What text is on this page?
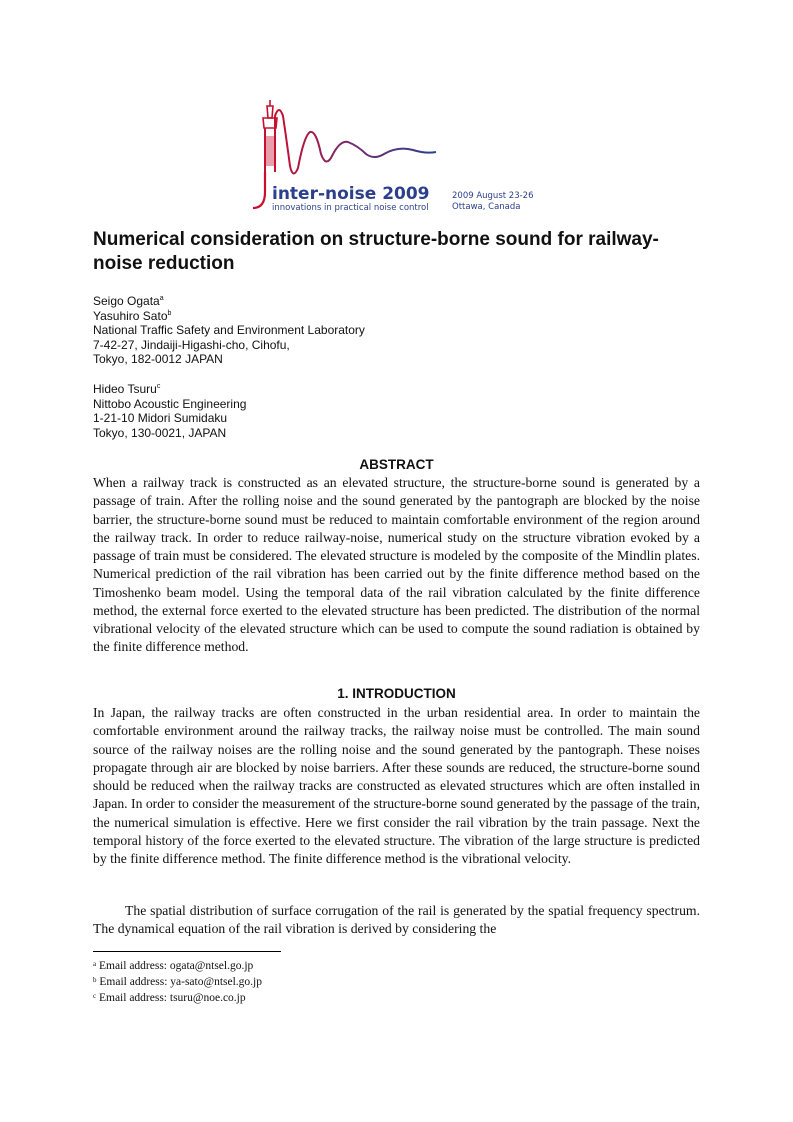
inter-noise 2009
innovations in practical noise control
2009 August 23-26
Ottawa, Canada
Numerical consideration on structure-borne sound for railway-noise reduction
Seigo Ogata$^a$
Yasuhiro Sato$^b$
National Traffic Safety and Environment Laboratory
7-42-27, Jindaiji-Higashi-cho, Cihofu,
Tokyo, 182-0012 JAPAN
Hideo Tsuru$^c$
Nittobo Acoustic Engineering
1-21-10 Midori Sumidaku
Tokyo, 130-0021, JAPAN
ABSTRACT

When a railway track is constructed as an elevated structure, the structure-borne sound is generated by a passage of train. After the rolling noise and the sound generated by the pantograph are blocked by the noise barrier, the structure-borne sound must be reduced to maintain comfortable environment of the region around the railway track. In order to reduce railway-noise, numerical study on the structure vibration evoked by a passage of train must be considered. The elevated structure is modeled by the composite of the Mindlin plates. Numerical prediction of the rail vibration has been carried out by the finite difference method based on the Timoshenko beam model. Using the temporal data of the rail vibration calculated by the finite difference method, the external force exerted to the elevated structure has been predicted. The distribution of the normal vibrational velocity of the elevated structure which can be used to compute the sound radiation is obtained by the finite difference method.

1. INTRODUCTION

In Japan, the railway tracks are often constructed in the urban residential area. In order to maintain the comfortable environment around the railway tracks, the railway noise must be controlled. The main sound source of the railway noises are the rolling noise and the sound generated by the pantograph. These noises propagate through air are blocked by noise barriers. After these sounds are reduced, the structure-borne sound should be reduced when the railway tracks are constructed as elevated structures which are often installed in Japan. In order to consider the measurement of the structure-borne sound generated by the passage of the train, the numerical simulation is effective. Here we first consider the rail vibration by the train passage. Next the temporal history of the force exerted to the elevated structure. The vibration of the large structure is predicted by the finite difference method. The finite difference method is the vibrational velocity.

The spatial distribution of surface corrugation of the rail is generated by the spatial frequency spectrum. The dynamical equation of the rail vibration is derived by considering the

$^a$ Email address: ogata@ntsel.go.jp
$^b$ Email address: ya-sato@ntsel.go.jp
$^c$ Email address: tsuru@noe.co.jp
